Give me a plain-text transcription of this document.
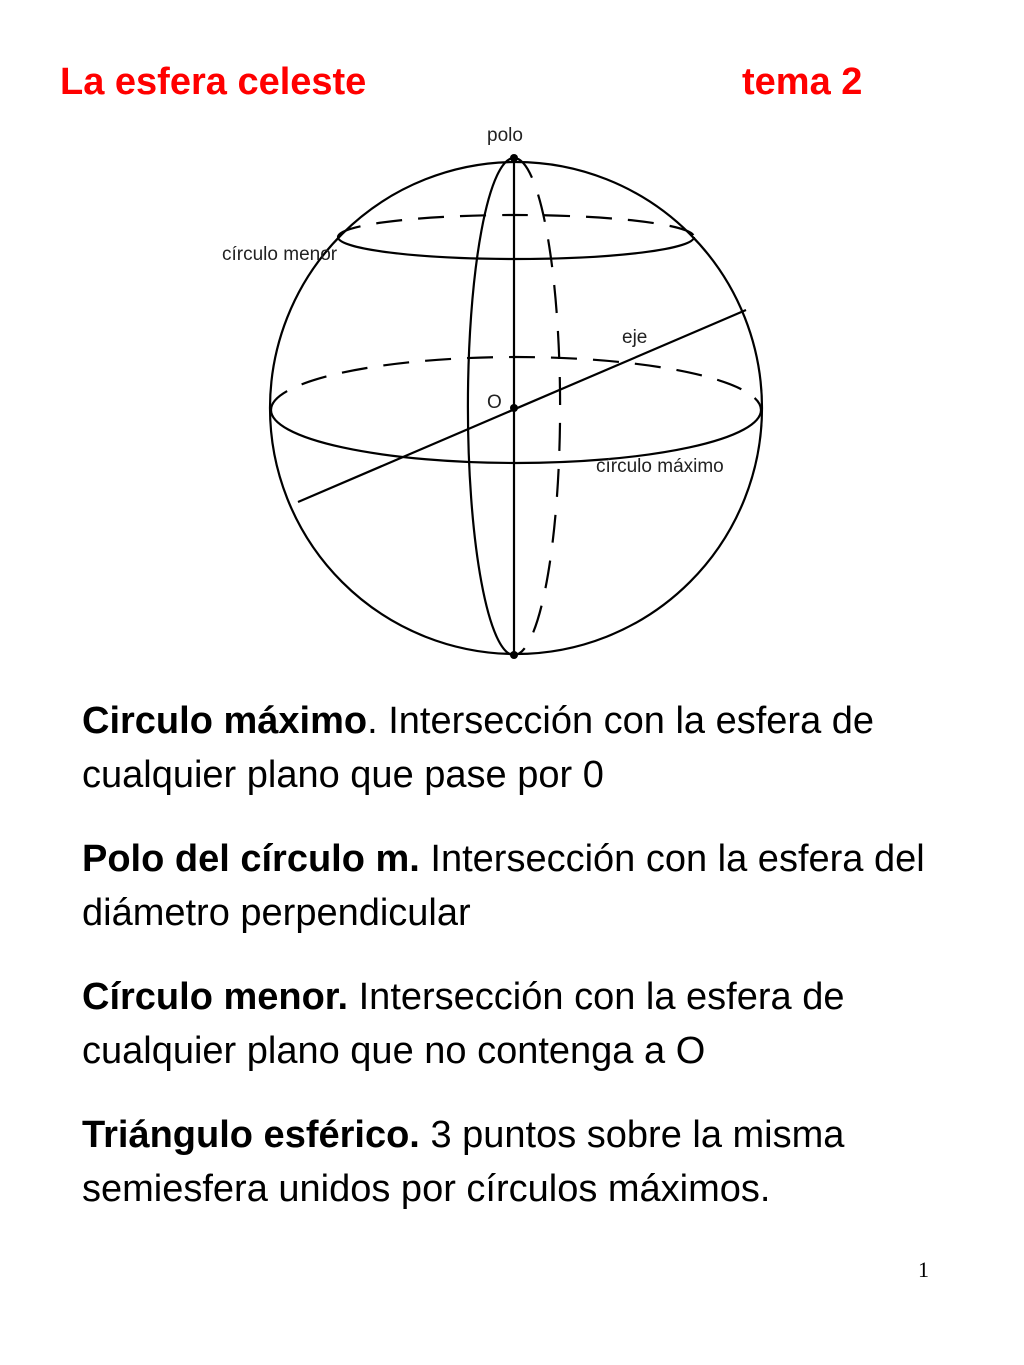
La esfera celeste	tema 2
polo
círculo menor
eje
O
círculo máximo

Circulo máximo. Intersección con la esfera de cualquier plano que pase por 0

Polo del círculo m. Intersección con la esfera del diámetro perpendicular

Círculo menor. Intersección con la esfera de cualquier plano que no contenga a O

Triángulo esférico. 3 puntos sobre la misma semiesfera unidos por círculos máximos.

1
